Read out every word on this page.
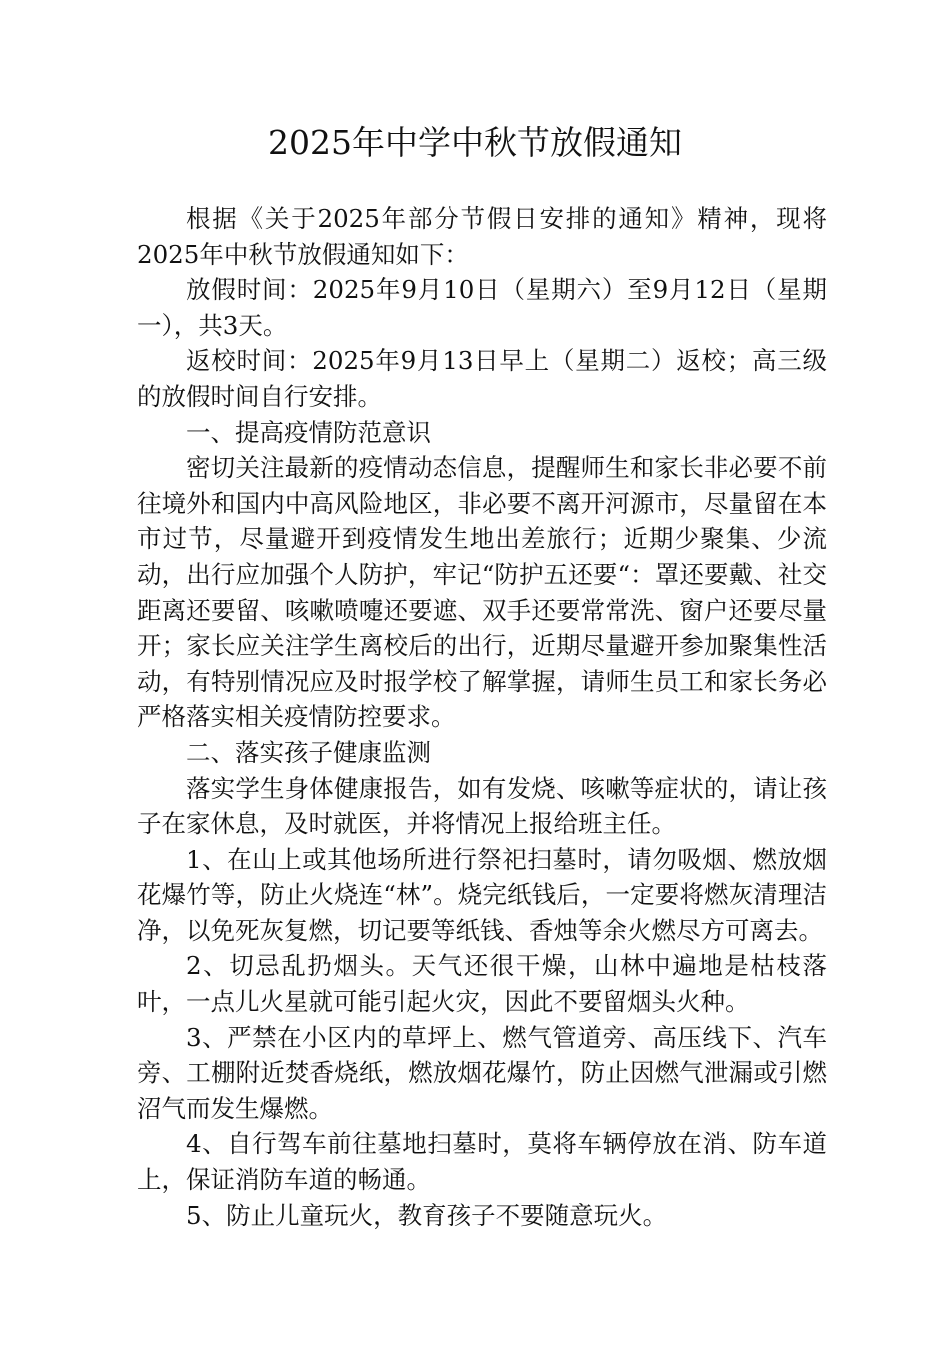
2025年中学中秋节放假通知

根据《关于2025年部分节假日安排的通知》精神，现将2025年中秋节放假通知如下：

放假时间：2025年9月10日（星期六）至9月12日（星期一），共3天。

返校时间：2025年9月13日早上（星期二）返校；高三级的放假时间自行安排。

一、提高疫情防范意识

密切关注最新的疫情动态信息，提醒师生和家长非必要不前往境外和国内中高风险地区，非必要不离开河源市，尽量留在本市过节，尽量避开到疫情发生地出差旅行；近期少聚集、少流动，出行应加强个人防护，牢记“防护五还要“：罩还要戴、社交距离还要留、咳嗽喷嚏还要遮、双手还要常常洗、窗户还要尽量开；家长应关注学生离校后的出行，近期尽量避开参加聚集性活动，有特别情况应及时报学校了解掌握，请师生员工和家长务必严格落实相关疫情防控要求。

二、落实孩子健康监测

落实学生身体健康报告，如有发烧、咳嗽等症状的，请让孩子在家休息，及时就医，并将情况上报给班主任。

1、在山上或其他场所进行祭祀扫墓时，请勿吸烟、燃放烟花爆竹等，防止火烧连“林”。烧完纸钱后，一定要将燃灰清理洁净，以免死灰复燃，切记要等纸钱、香烛等余火燃尽方可离去。

2、切忌乱扔烟头。天气还很干燥，山林中遍地是枯枝落叶，一点儿火星就可能引起火灾，因此不要留烟头火种。

3、严禁在小区内的草坪上、燃气管道旁、高压线下、汽车旁、工棚附近焚香烧纸，燃放烟花爆竹，防止因燃气泄漏或引燃沼气而发生爆燃。

4、自行驾车前往墓地扫墓时，莫将车辆停放在消、防车道上，保证消防车道的畅通。

5、防止儿童玩火，教育孩子不要随意玩火。
